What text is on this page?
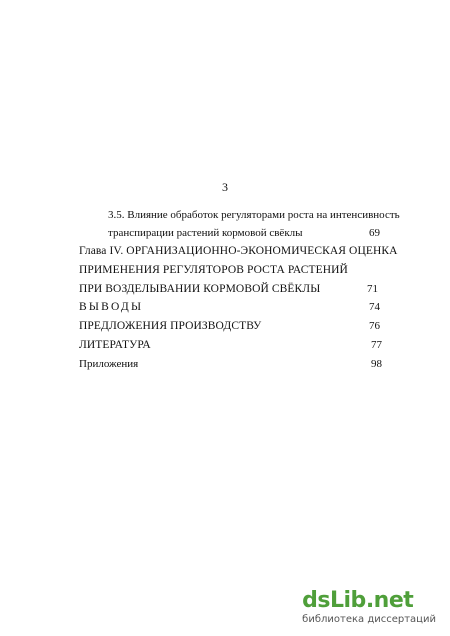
3
3.5. Влияние обработок регуляторами роста на интенсивность
транспирации растений кормовой свёклы	69
Глава IV. ОРГАНИЗАЦИОННО-ЭКОНОМИЧЕСКАЯ ОЦЕНКА
ПРИМЕНЕНИЯ РЕГУЛЯТОРОВ РОСТА РАСТЕНИЙ
ПРИ ВОЗДЕЛЫВАНИИ КОРМОВОЙ СВЁКЛЫ	71
ВЫВОДЫ	74
ПРЕДЛОЖЕНИЯ ПРОИЗВОДСТВУ	76
ЛИТЕРАТУРА	77
Приложения	98
dsLib.net
библиотека диссертаций
